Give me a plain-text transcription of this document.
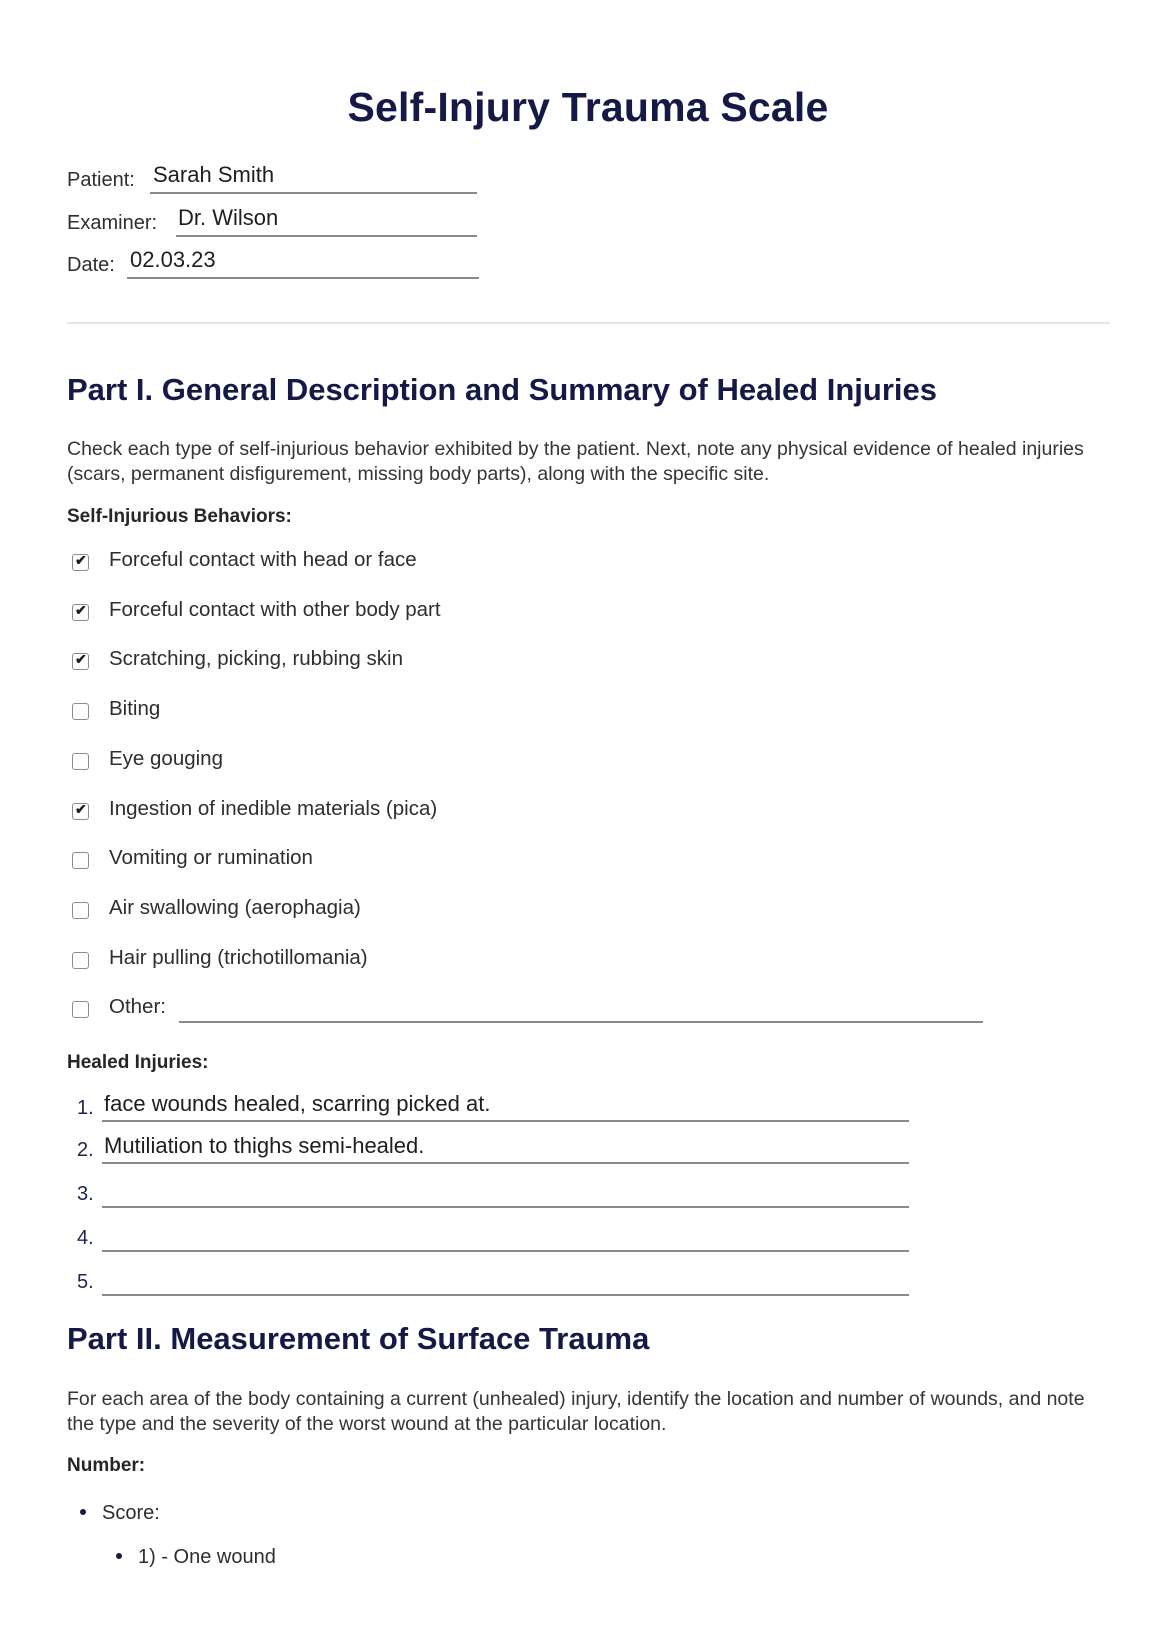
Self-Injury Trauma Scale
Patient: Sarah Smith
Examiner: Dr. Wilson
Date: 02.03.23
Part I. General Description and Summary of Healed Injuries
Check each type of self-injurious behavior exhibited by the patient. Next, note any physical evidence of healed injuries (scars, permanent disfigurement, missing body parts), along with the specific site.
Self-Injurious Behaviors:
✔ Forceful contact with head or face
✔ Forceful contact with other body part
✔ Scratching, picking, rubbing skin
Biting
Eye gouging
✔ Ingestion of inedible materials (pica)
Vomiting or rumination
Air swallowing (aerophagia)
Hair pulling (trichotillomania)
Other:
Healed Injuries:
1. face wounds healed, scarring picked at.
2. Mutiliation to thighs semi-healed.
3.
4.
5.
Part II. Measurement of Surface Trauma
For each area of the body containing a current (unhealed) injury, identify the location and number of wounds, and note the type and the severity of the worst wound at the particular location.
Number:
Score:
1) - One wound
